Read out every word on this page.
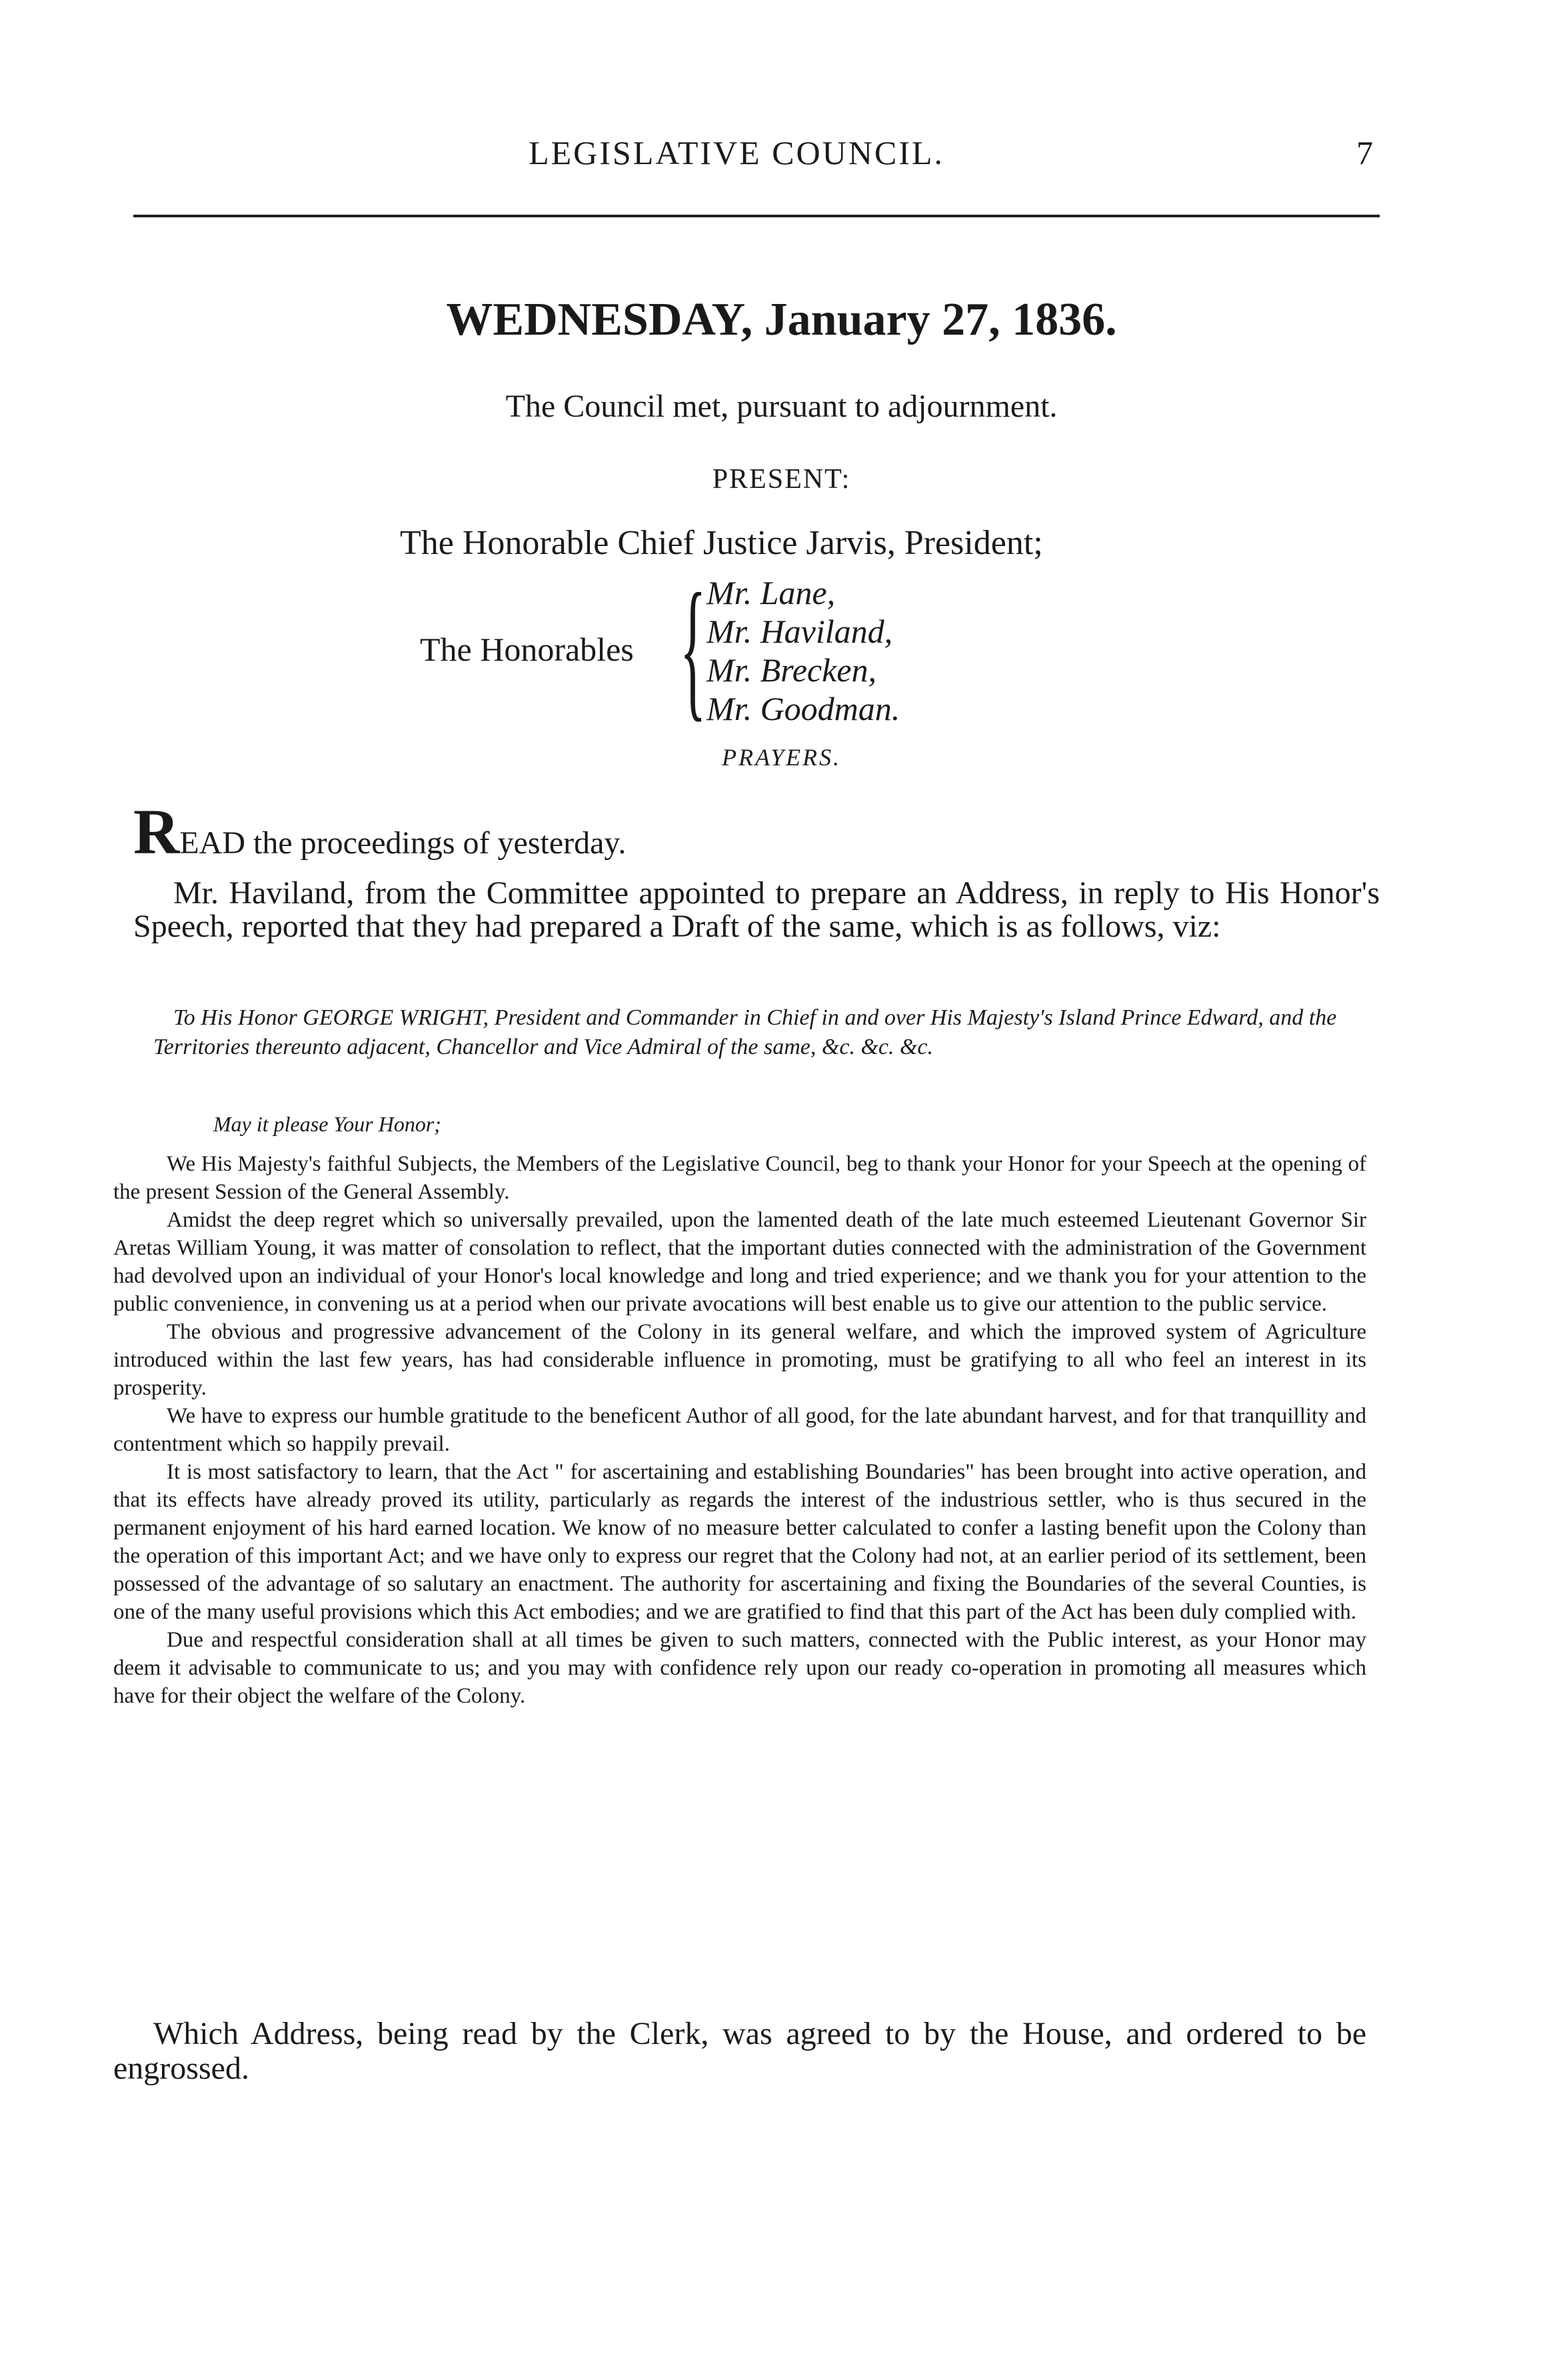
LEGISLATIVE COUNCIL.	7
WEDNESDAY, January 27, 1836.
The Council met, pursuant to adjournment.
PRESENT:
The Honorable Chief Justice Jarvis, President;
The Honorables { Mr. Lane,
Mr. Haviland,
Mr. Brecken,
Mr. Goodman.
PRAYERS.
READ the proceedings of yesterday.
Mr. Haviland, from the Committee appointed to prepare an Address, in reply to His Honor's Speech, reported that they had prepared a Draft of the same, which is as follows, viz:
To His Honor GEORGE WRIGHT, President and Commander in Chief in and over His Majesty's Island Prince Edward, and the Territories thereunto adjacent, Chancellor and Vice Admiral of the same, &c. &c. &c.
May it please Your Honor;

We His Majesty's faithful Subjects, the Members of the Legislative Council, beg to thank your Honor for your Speech at the opening of the present Session of the General Assembly.

Amidst the deep regret which so universally prevailed, upon the lamented death of the late much esteemed Lieutenant Governor Sir Aretas William Young, it was matter of consolation to reflect, that the important duties connected with the administration of the Government had devolved upon an individual of your Honor's local knowledge and long and tried experience; and we thank you for your attention to the public convenience, in convening us at a period when our private avocations will best enable us to give our attention to the public service.

The obvious and progressive advancement of the Colony in its general welfare, and which the improved system of Agriculture introduced within the last few years, has had considerable influence in promoting, must be gratifying to all who feel an interest in its prosperity.

We have to express our humble gratitude to the beneficent Author of all good, for the late abundant harvest, and for that tranquillity and contentment which so happily prevail.

It is most satisfactory to learn, that the Act " for ascertaining and establishing Boundaries" has been brought into active operation, and that its effects have already proved its utility, particularly as regards the interest of the industrious settler, who is thus secured in the permanent enjoyment of his hard earned location. We know of no measure better calculated to confer a lasting benefit upon the Colony than the operation of this important Act; and we have only to express our regret that the Colony had not, at an earlier period of its settlement, been possessed of the advantage of so salutary an enactment. The authority for ascertaining and fixing the Boundaries of the several Counties, is one of the many useful provisions which this Act embodies; and we are gratified to find that this part of the Act has been duly complied with.

Due and respectful consideration shall at all times be given to such matters, connected with the Public interest, as your Honor may deem it advisable to communicate to us; and you may with confidence rely upon our ready co-operation in promoting all measures which have for their object the welfare of the Colony.

Which Address, being read by the Clerk, was agreed to by the House, and ordered to be engrossed.
